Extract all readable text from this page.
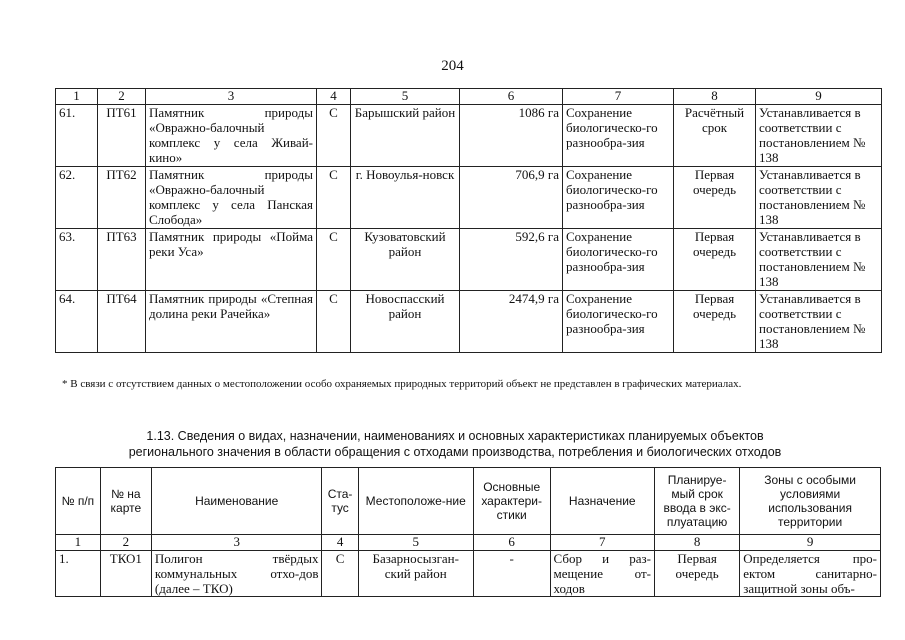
204
1	2	3	4	5	6	7	8	9
61.	ПТ61	Памятник природы «Овражно-балочный комплекс у села Живай-кино»	С	Барышский район	1086 га	Сохранение биологическо-го разнообра-зия	Расчётный срок	Устанавливается в соответствии с постановлением № 138
62.	ПТ62	Памятник природы «Овражно-балочный комплекс у села Панская Слобода»	С	г. Новоулья-новск	706,9 га	Сохранение биологическо-го разнообра-зия	Первая очередь	Устанавливается в соответствии с постановлением № 138
63.	ПТ63	Памятник природы «Пойма реки Уса»	С	Кузоватовский район	592,6 га	Сохранение биологическо-го разнообра-зия	Первая очередь	Устанавливается в соответствии с постановлением № 138
64.	ПТ64	Памятник природы «Степная долина реки Рачейка»	С	Новоспасский район	2474,9 га	Сохранение биологическо-го разнообра-зия	Первая очередь	Устанавливается в соответствии с постановлением № 138
* В связи с отсутствием данных о местоположении особо охраняемых природных территорий объект не представлен в графических материалах.
1.13. Сведения о видах, назначении, наименованиях и основных характеристиках планируемых объектов
регионального значения в области обращения с отходами производства, потребления и биологических отходов
№ п/п	№ на карте	Наименование	Ста-тус	Местоположе-ние	Основные характери-стики	Назначение	Планируе-мый срок ввода в экс-плуатацию	Зоны с особыми условиями использования территории
1	2	3	4	5	6	7	8	9
1.	ТКО1	Полигон твёрдых коммунальных отхо-дов (далее – ТКО)	С	Базарносызган-ский район	-	Сбор и раз-мещение от-ходов	Первая очередь	Определяется про-ектом санитарно-защитной зоны объ-
